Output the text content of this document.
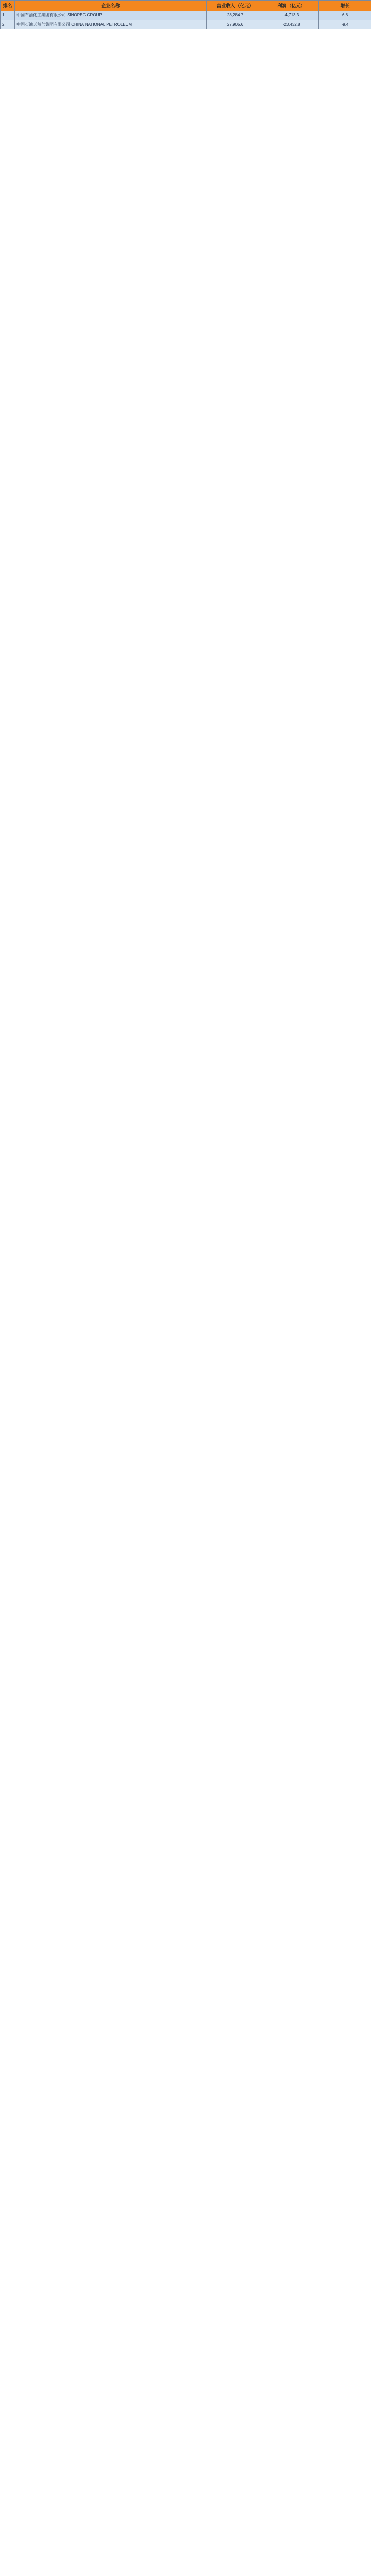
排名	企业名称	营业收入（亿元）	利润（亿元）	增长
1	中国石油化工集团有限公司 SINOPEC GROUP	28,284.7	-4,713.3	6.8
2	中国石油天然气集团有限公司 CHINA NATIONAL PETROLEUM	27,905.6	-23,432.8	-9.4
